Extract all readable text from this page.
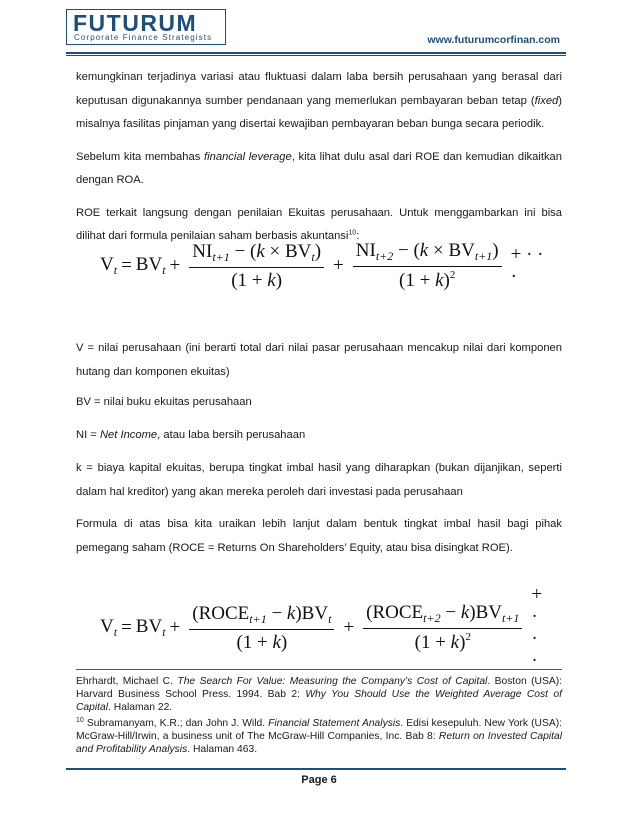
FUTURUM
Corporate Finance Strategists	www.futurumcorfinan.com

kemungkinan terjadinya variasi atau fluktuasi dalam laba bersih perusahaan yang berasal dari keputusan digunakannya sumber pendanaan yang memerlukan pembayaran beban tetap (fixed) misalnya fasilitas pinjaman yang disertai kewajiban pembayaran beban bunga secara periodik.

Sebelum kita membahas financial leverage, kita lihat dulu asal dari ROE dan kemudian dikaitkan dengan ROA.

ROE terkait langsung dengan penilaian Ekuitas perusahaan. Untuk menggambarkan ini bisa dilihat dari formula penilaian saham berbasis akuntansi$^{10}$:

$V_t = BV_t + \frac{NI_{t+1} - (k \times BV_t)}{(1 + k)} + \frac{NI_{t+2} - (k \times BV_{t+1})}{(1 + k)^2}$ + · · ·

V = nilai perusahaan (ini berarti total dari nilai pasar perusahaan mencakup nilai dari komponen hutang dan komponen ekuitas)

BV = nilai buku ekuitas perusahaan

NI = Net Income, atau laba bersih perusahaan

k = biaya kapital ekuitas, berupa tingkat imbal hasil yang diharapkan (bukan dijanjikan, seperti dalam hal kreditor) yang akan mereka peroleh dari investasi pada perusahaan

Formula di atas bisa kita uraikan lebih lanjut dalam bentuk tingkat imbal hasil bagi pihak pemegang saham (ROCE = Returns On Shareholders’ Equity, atau bisa disingkat ROE).

$V_t = BV_t + \frac{(ROCE_{t+1} - k)BV_t}{(1 + k)} + \frac{(ROCE_{t+2} - k)BV_{t+1}}{(1 + k)^2}$
+ · · ·

Ehrhardt, Michael C. The Search For Value: Measuring the Company’s Cost of Capital. Boston (USA): Harvard Business School Press. 1994. Bab 2: Why You Should Use the Weighted Average Cost of Capital. Halaman 22.

$^{10}$ Subramanyam, K.R.; dan John J. Wild. Financial Statement Analysis. Edisi kesepuluh. New York (USA): McGraw-Hill/Irwin, a business unit of The McGraw-Hill Companies, Inc. Bab 8: Return on Invested Capital and Profitability Analysis. Halaman 463.

Page 6
